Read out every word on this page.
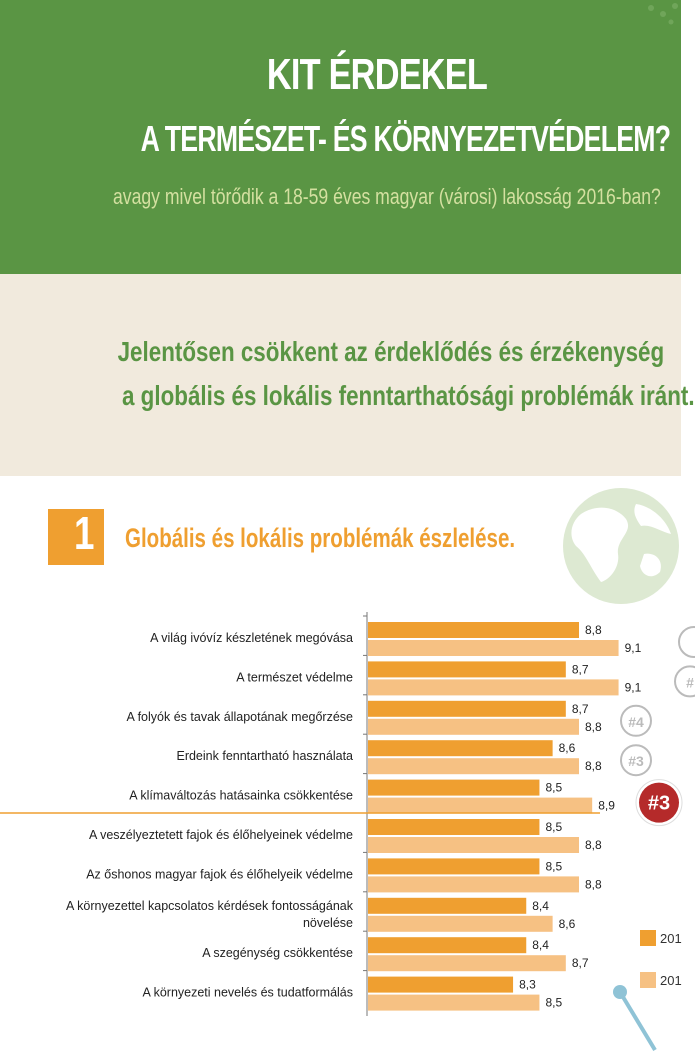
KIT ÉRDEKEL
A TERMÉSZET- ÉS KÖRNYEZETVÉDELEM?
avagy mivel törődik a 18-59 éves magyar (városi) lakosság 2016-ban?
Jelentősen csökkent az érdeklődés és érzékenység
a globális és lokális fenntarthatósági problémák iránt.
1 Globális és lokális problémák észlelése.
A világ ivóvíz készletének megóvása
8,8
9,1
A természet védelme
8,7
9,1
A folyók és tavak állapotának megőrzése
8,7
8,8
Erdeink fenntartható használata
8,6
8,8
A klímaváltozás hatásainka csökkentése
8,5
8,9
A veszélyeztetett fajok és élőhelyeinek védelme
8,5
8,8
Az őshonos magyar fajok és élőhelyeik védelme
8,5
8,8
A környezettel kapcsolatos kérdések fontosságának növelése
8,4
8,6
A szegénység csökkentése
8,4
8,7
A környezeti nevelés és tudatformálás
8,3
8,5
#
#4
#3
#3
201
201
